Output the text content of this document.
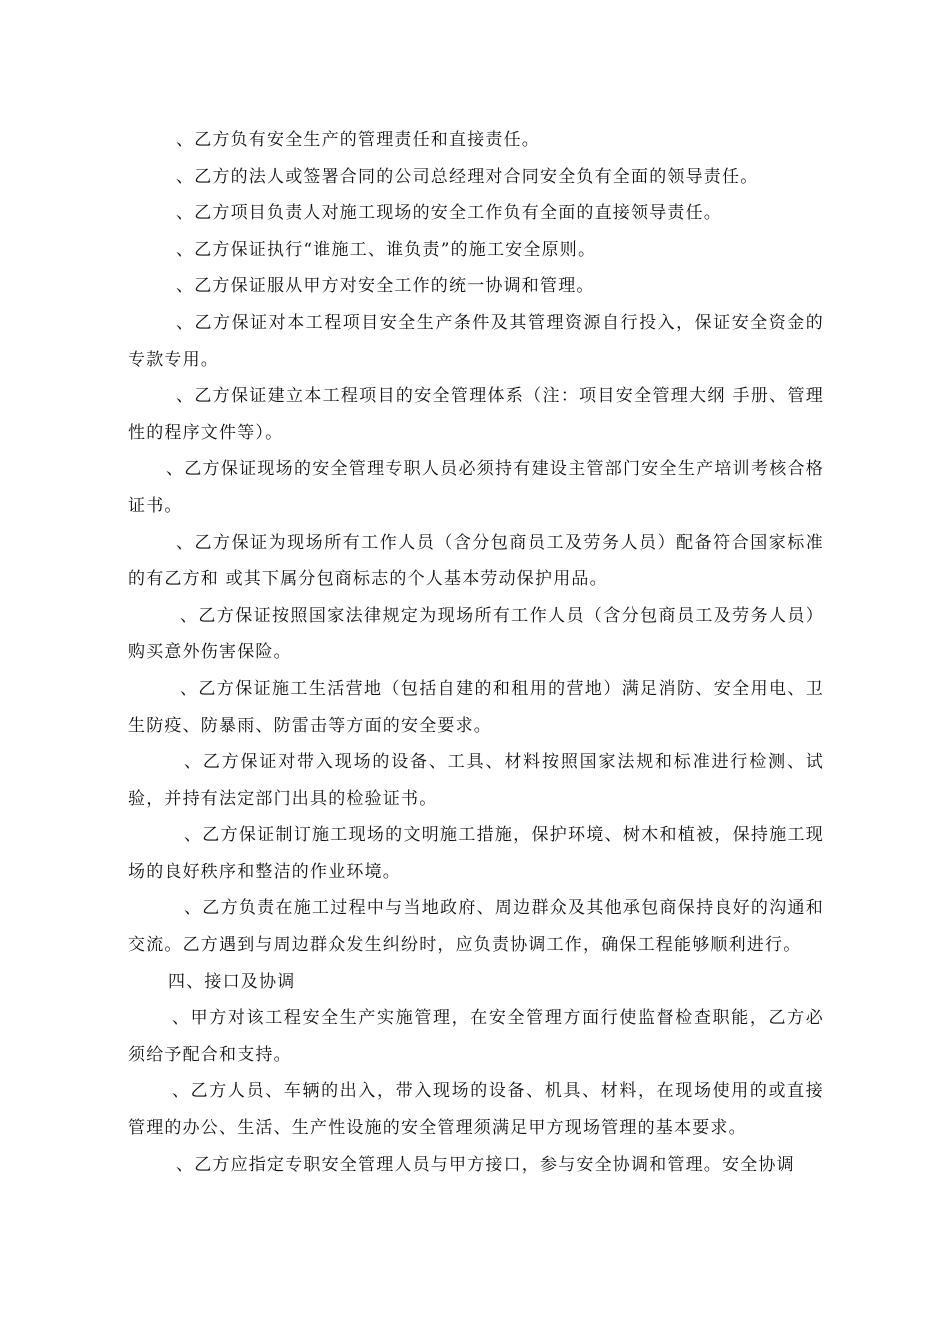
、乙方负有安全生产的管理责任和直接责任。

、乙方的法人或签署合同的公司总经理对合同安全负有全面的领导责任。

、乙方项目负责人对施工现场的安全工作负有全面的直接领导责任。

、乙方保证执行“谁施工、谁负责”的施工安全原则。

、乙方保证服从甲方对安全工作的统一协调和管理。

、乙方保证对本工程项目安全生产条件及其管理资源自行投入，保证安全资金的专款专用。

、乙方保证建立本工程项目的安全管理体系（注：项目安全管理大纲 手册、管理性的程序文件等）。

、乙方保证现场的安全管理专职人员必须持有建设主管部门安全生产培训考核合格证书。

、乙方保证为现场所有工作人员（含分包商员工及劳务人员）配备符合国家标准的有乙方和 或其下属分包商标志的个人基本劳动保护用品。

、乙方保证按照国家法律规定为现场所有工作人员（含分包商员工及劳务人员）购买意外伤害保险。

、乙方保证施工生活营地（包括自建的和租用的营地）满足消防、安全用电、卫生防疫、防暴雨、防雷击等方面的安全要求。

、乙方保证对带入现场的设备、工具、材料按照国家法规和标准进行检测、试验，并持有法定部门出具的检验证书。

、乙方保证制订施工现场的文明施工措施，保护环境、树木和植被，保持施工现场的良好秩序和整洁的作业环境。

、乙方负责在施工过程中与当地政府、周边群众及其他承包商保持良好的沟通和交流。乙方遇到与周边群众发生纠纷时，应负责协调工作，确保工程能够顺利进行。

四、接口及协调

、甲方对该工程安全生产实施管理，在安全管理方面行使监督检查职能，乙方必须给予配合和支持。

、乙方人员、车辆的出入，带入现场的设备、机具、材料，在现场使用的或直接管理的办公、生活、生产性设施的安全管理须满足甲方现场管理的基本要求。

、乙方应指定专职安全管理人员与甲方接口，参与安全协调和管理。安全协调
